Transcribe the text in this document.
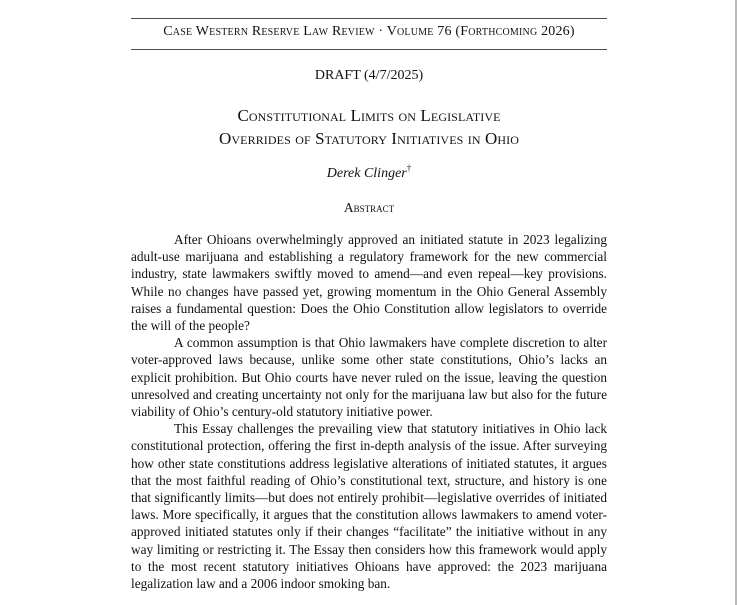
Case Western Reserve Law Review · Volume 76 (Forthcoming 2026)
DRAFT (4/7/2025)
Constitutional Limits on Legislative
Overrides of Statutory Initiatives in Ohio
Derek Clinger†
Abstract

After Ohioans overwhelmingly approved an initiated statute in 2023 legalizing adult-use marijuana and establishing a regulatory framework for the new commercial industry, state lawmakers swiftly moved to amend—and even repeal—key provisions. While no changes have passed yet, growing momentum in the Ohio General Assembly raises a fundamental question: Does the Ohio Constitution allow legislators to override the will of the people?

A common assumption is that Ohio lawmakers have complete discretion to alter voter-approved laws because, unlike some other state constitutions, Ohio’s lacks an explicit prohibition. But Ohio courts have never ruled on the issue, leaving the question unresolved and creating uncertainty not only for the marijuana law but also for the future viability of Ohio’s century-old statutory initiative power.

This Essay challenges the prevailing view that statutory initiatives in Ohio lack constitutional protection, offering the first in-depth analysis of the issue. After surveying how other state constitutions address legislative alterations of initiated statutes, it argues that the most faithful reading of Ohio’s constitutional text, structure, and history is one that significantly limits—but does not entirely prohibit—legislative overrides of initiated laws. More specifically, it argues that the constitution allows lawmakers to amend voter-approved initiated statutes only if their changes “facilitate” the initiative without in any way limiting or restricting it. The Essay then considers how this framework would apply to the most recent statutory initiatives Ohioans have approved: the 2023 marijuana legalization law and a 2006 indoor smoking ban.
